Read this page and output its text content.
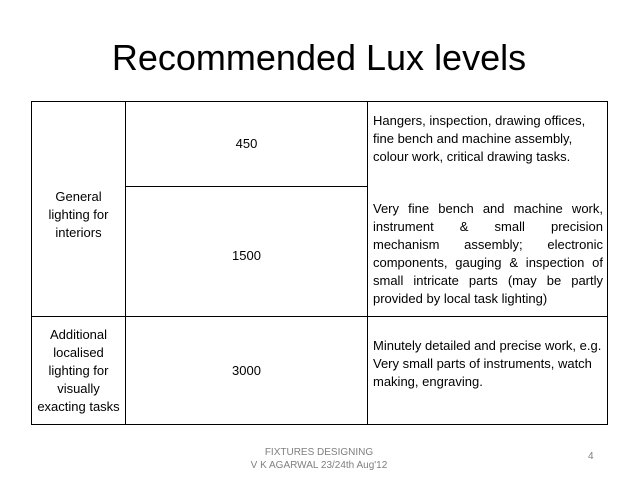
Recommended Lux levels
General lighting for interiors
Additional localised lighting for visually exacting tasks
450
1500
3000
Hangers, inspection, drawing offices, fine bench and machine assembly, colour work, critical drawing tasks.
Very fine bench and machine work, instrument & small precision mechanism assembly; electronic components, gauging & inspection of small intricate parts (may be partly provided by local task lighting)
Minutely detailed and precise work, e.g. Very small parts of instruments, watch making, engraving.
FIXTURES DESIGNING
V K AGARWAL 23/24th Aug'12
4
